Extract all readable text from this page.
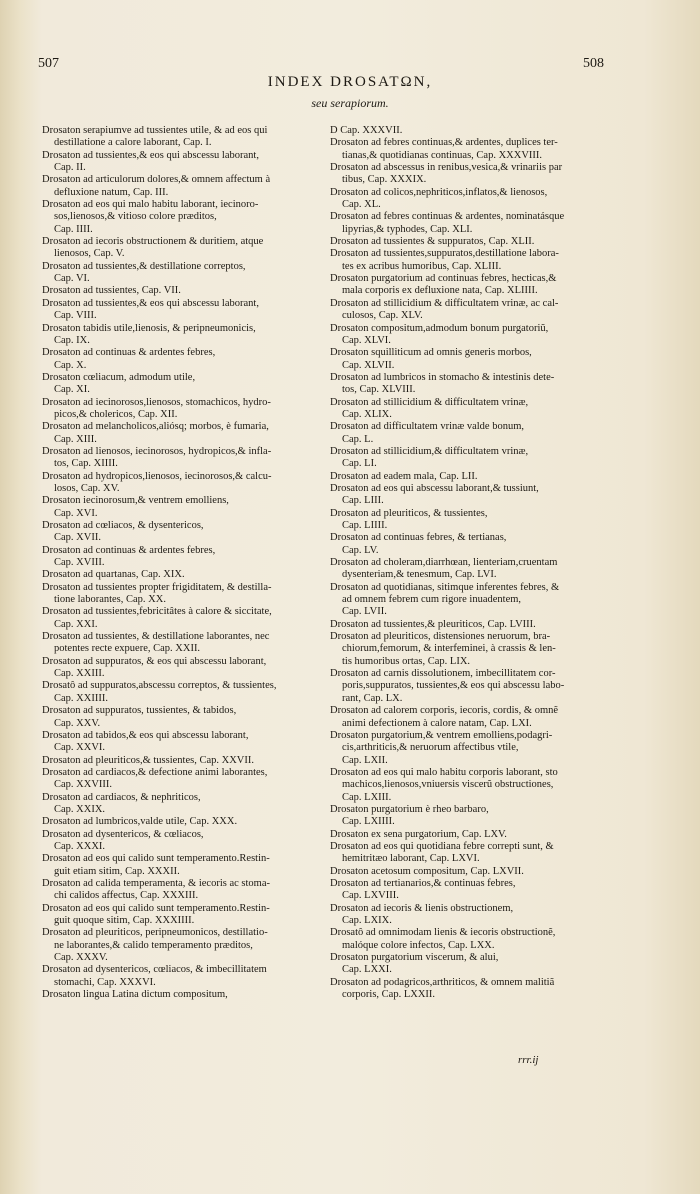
507	508
INDEX DROSATΩN,
seu serapiorum.
Drosaton serapiumve ad tussientes utile, & ad eos qui
destillatione a calore laborant, Cap. I.
Drosaton ad tussientes,& eos qui abscessu laborant,
Cap. II.
Drosaton ad articulorum dolores,& omnem affectum à
defluxione natum, Cap. III.
Drosaton ad eos qui malo habitu laborant, iecinoro-
sos,lienosos,& vitioso colore præditos,
Cap. IIII.
Drosaton ad iecoris obstructionem & duritiem, atque
lienosos, Cap. V.
Drosaton ad tussientes,& destillatione correptos,
Cap. VI.
Drosaton ad tussientes, Cap. VII.
Drosaton ad tussientes,& eos qui abscessu laborant,
Cap. VIII.
Drosaton tabidis utile,lienosis, & peripneumonicis,
Cap. IX.
Drosaton ad continuas & ardentes febres,
Cap. X.
Drosaton cœliacum, admodum utile,
Cap. XI.
Drosaton ad iecinorosos,lienosos, stomachicos, hydro-
picos,& cholericos, Cap. XII.
Drosaton ad melancholicos,aliósq; morbos, è fumaria,
Cap. XIII.
Drosaton ad lienosos, iecinorosos, hydropicos,& infla-
tos, Cap. XIIII.
Drosaton ad hydropicos,lienosos, iecinorosos,& calcu-
losos, Cap. XV.
Drosaton iecinorosum,& ventrem emolliens,
Cap. XVI.
Drosaton ad cœliacos, & dysentericos,
Cap. XVII.
Drosaton ad continuas & ardentes febres,
Cap. XVIII.
Drosaton ad quartanas, Cap. XIX.
Drosaton ad tussientes propter frigiditatem, & destilla-
tione laborantes, Cap. XX.
Drosaton ad tussientes,febricitâtes à calore & siccitate,
Cap. XXI.
Drosaton ad tussientes, & destillatione laborantes, nec
potentes recte expuere, Cap. XXII.
Drosaton ad suppuratos, & eos qui abscessu laborant,
Cap. XXIII.
Drosatô ad suppuratos,abscessu correptos, & tussientes,
Cap. XXIIII.
Drosaton ad suppuratos, tussientes, & tabidos,
Cap. XXV.
Drosaton ad tabidos,& eos qui abscessu laborant,
Cap. XXVI.
Drosaton ad pleuriticos,& tussientes, Cap. XXVII.
Drosaton ad cardiacos,& defectione animi laborantes,
Cap. XXVIII.
Drosaton ad cardiacos, & nephriticos,
Cap. XXIX.
Drosaton ad lumbricos,valde utile, Cap. XXX.
Drosaton ad dysentericos, & cœliacos,
Cap. XXXI.
Drosaton ad eos qui calido sunt temperamento.Restin-
guit etiam sitim, Cap. XXXII.
Drosaton ad calida temperamenta, & iecoris ac stoma-
chi calidos affectus, Cap. XXXIII.
Drosaton ad eos qui calido sunt temperamento.Restin-
guit quoque sitim, Cap. XXXIIII.
Drosaton ad pleuriticos, peripneumonicos, destillatio-
ne laborantes,& calido temperamento præditos,
Cap. XXXV.
Drosaton ad dysentericos, cœliacos, & imbecillitatem
stomachi, Cap. XXXVI.
Drosaton lingua Latina dictum compositum,
D Cap. XXXVII.
Drosaton ad febres continuas,& ardentes, duplices ter-
tianas,& quotidianas continuas, Cap. XXXVIII.
Drosaton ad abscessus in renibus,vesica,& vrinariis par
tibus, Cap. XXXIX.
Drosaton ad colicos,nephriticos,inflatos,& lienosos,
Cap. XL.
Drosaton ad febres continuas & ardentes, nominatásque
lipyrias,& typhodes, Cap. XLI.
Drosaton ad tussientes & suppuratos, Cap. XLII.
Drosaton ad tussientes,suppuratos,destillatione labora-
tes ex acribus humoribus, Cap. XLIII.
Drosaton purgatorium ad continuas febres, hecticas,&
mala corporis ex defluxione nata, Cap. XLIIII.
Drosaton ad stillicidium & difficultatem vrinæ, ac cal-
culosos, Cap. XLV.
Drosaton compositum,admodum bonum purgatoriũ,
Cap. XLVI.
Drosaton squilliticum ad omnis generis morbos,
Cap. XLVII.
Drosaton ad lumbricos in stomacho & intestinis dete-
tos, Cap. XLVIII.
Drosaton ad stillicidium & difficultatem vrinæ,
Cap. XLIX.
Drosaton ad difficultatem vrinæ valde bonum,
Cap. L.
Drosaton ad stillicidium,& difficultatem vrinæ,
Cap. LI.
Drosaton ad eadem mala, Cap. LII.
Drosaton ad eos qui abscessu laborant,& tussiunt,
Cap. LIII.
Drosaton ad pleuriticos, & tussientes,
Cap. LIIII.
Drosaton ad continuas febres, & tertianas,
Cap. LV.
Drosaton ad choleram,diarrhœan, lienteriam,cruentam
dysenteriam,& tenesmum, Cap. LVI.
Drosaton ad quotidianas, sitimque inferentes febres, &
ad omnem febrem cum rigore inuadentem,
Cap. LVII.
Drosaton ad tussientes,& pleuriticos, Cap. LVIII.
Drosaton ad pleuriticos, distensiones neruorum, bra-
chiorum,femorum, & interfeminei, à crassis & len-
tis humoribus ortas, Cap. LIX.
Drosaton ad carnis dissolutionem, imbecillitatem cor-
poris,suppuratos, tussientes,& eos qui abscessu labo-
rant, Cap. LX.
Drosaton ad calorem corporis, iecoris, cordis, & omnẽ
animi defectionem à calore natam, Cap. LXI.
Drosaton purgatorium,& ventrem emolliens,podagri-
cis,arthriticis,& neruorum affectibus vtile,
Cap. LXII.
Drosaton ad eos qui malo habitu corporis laborant, sto
machicos,lienosos,vniuersis viscerũ obstructiones,
Cap. LXIII.
Drosaton purgatorium è rheo barbaro,
Cap. LXIIII.
Drosaton ex sena purgatorium, Cap. LXV.
Drosaton ad eos qui quotidiana febre correpti sunt, &
hemitritæo laborant, Cap. LXVI.
Drosaton acetosum compositum, Cap. LXVII.
Drosaton ad tertianarios,& continuas febres,
Cap. LXVIII.
Drosaton ad iecoris & lienis obstructionem,
Cap. LXIX.
Drosatô ad omnimodam lienis & iecoris obstructionẽ,
malóque colore infectos, Cap. LXX.
Drosaton purgatorium viscerum, & alui,
Cap. LXXI.
Drosaton ad podagricos,arthriticos, & omnem malitiã
corporis, Cap. LXXII.
rrr.ij
